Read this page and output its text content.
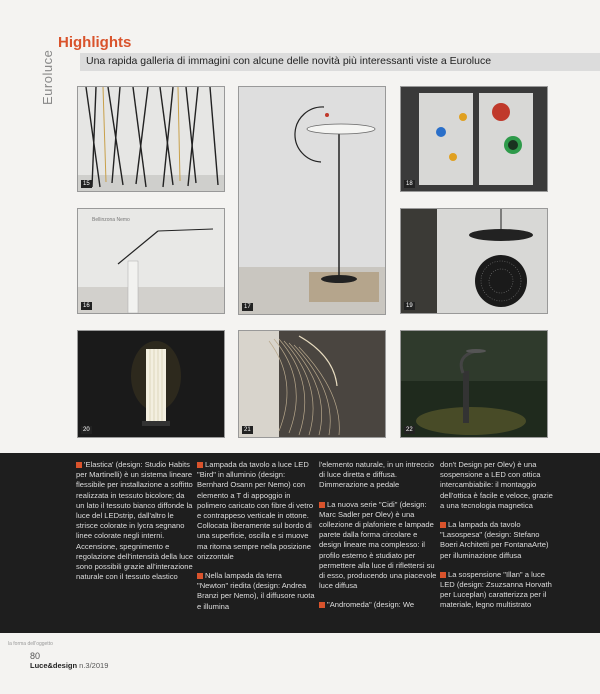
Euroluce
Highlights
Una rapida galleria di immagini con alcune delle novità più interessanti viste a Euroluce
15
17
18
Bellinzona Nemo
16	19
20	21	22

'Elastica' (design: Studio Habits per Martinelli) è un sistema lineare flessibile per installazione a soffitto realizzata in tessuto bicolore; da un lato il tessuto bianco diffonde la luce del LEDstrip, dall'altro le strisce colorate in lycra segnano linee colorate negli interni. Accensione, spegnimento e regolazione dell'intensità della luce sono possibili grazie all'interazione naturale con il tessuto elastico

Lampada da tavolo a luce LED "Bird" in alluminio (design: Bernhard Osann per Nemo) con elemento a T di appoggio in polimero caricato con fibre di vetro e contrappeso verticale in ottone. Collocata liberamente sul bordo di una superficie, oscilla e si muove ma ritorna sempre nella posizione orizzontale

Nella lampada da terra "Newton" riedita (design: Andrea Branzi per Nemo), il diffusore ruota e illumina

l'elemento naturale, in un intreccio di luce diretta e diffusa. Dimmerazione a pedale

La nuova serie "Cidi" (design: Marc Sadler per Olev) è una collezione di plafoniere e lampade parete dalla forma circolare e design lineare ma complesso: il profilo esterno è studiato per permettere alla luce di riflettersi su di esso, producendo una piacevole luce diffusa

"Andromeda" (design: We

don't Design per Olev) è una sospensione a LED con ottica intercambiabile: il montaggio dell'ottica è facile e veloce, grazie a una tecnologia magnetica

La lampada da tavolo "Lasospesa" (design: Stefano Boeri Architetti per FontanaArte) per illuminazione diffusa

La sospensione "Illan" a luce LED (design: Zsuzsanna Horvath per Luceplan) caratterizza per il materiale, legno multistrato

la forma dell'oggetto
80
Luce&design n.3/2019
